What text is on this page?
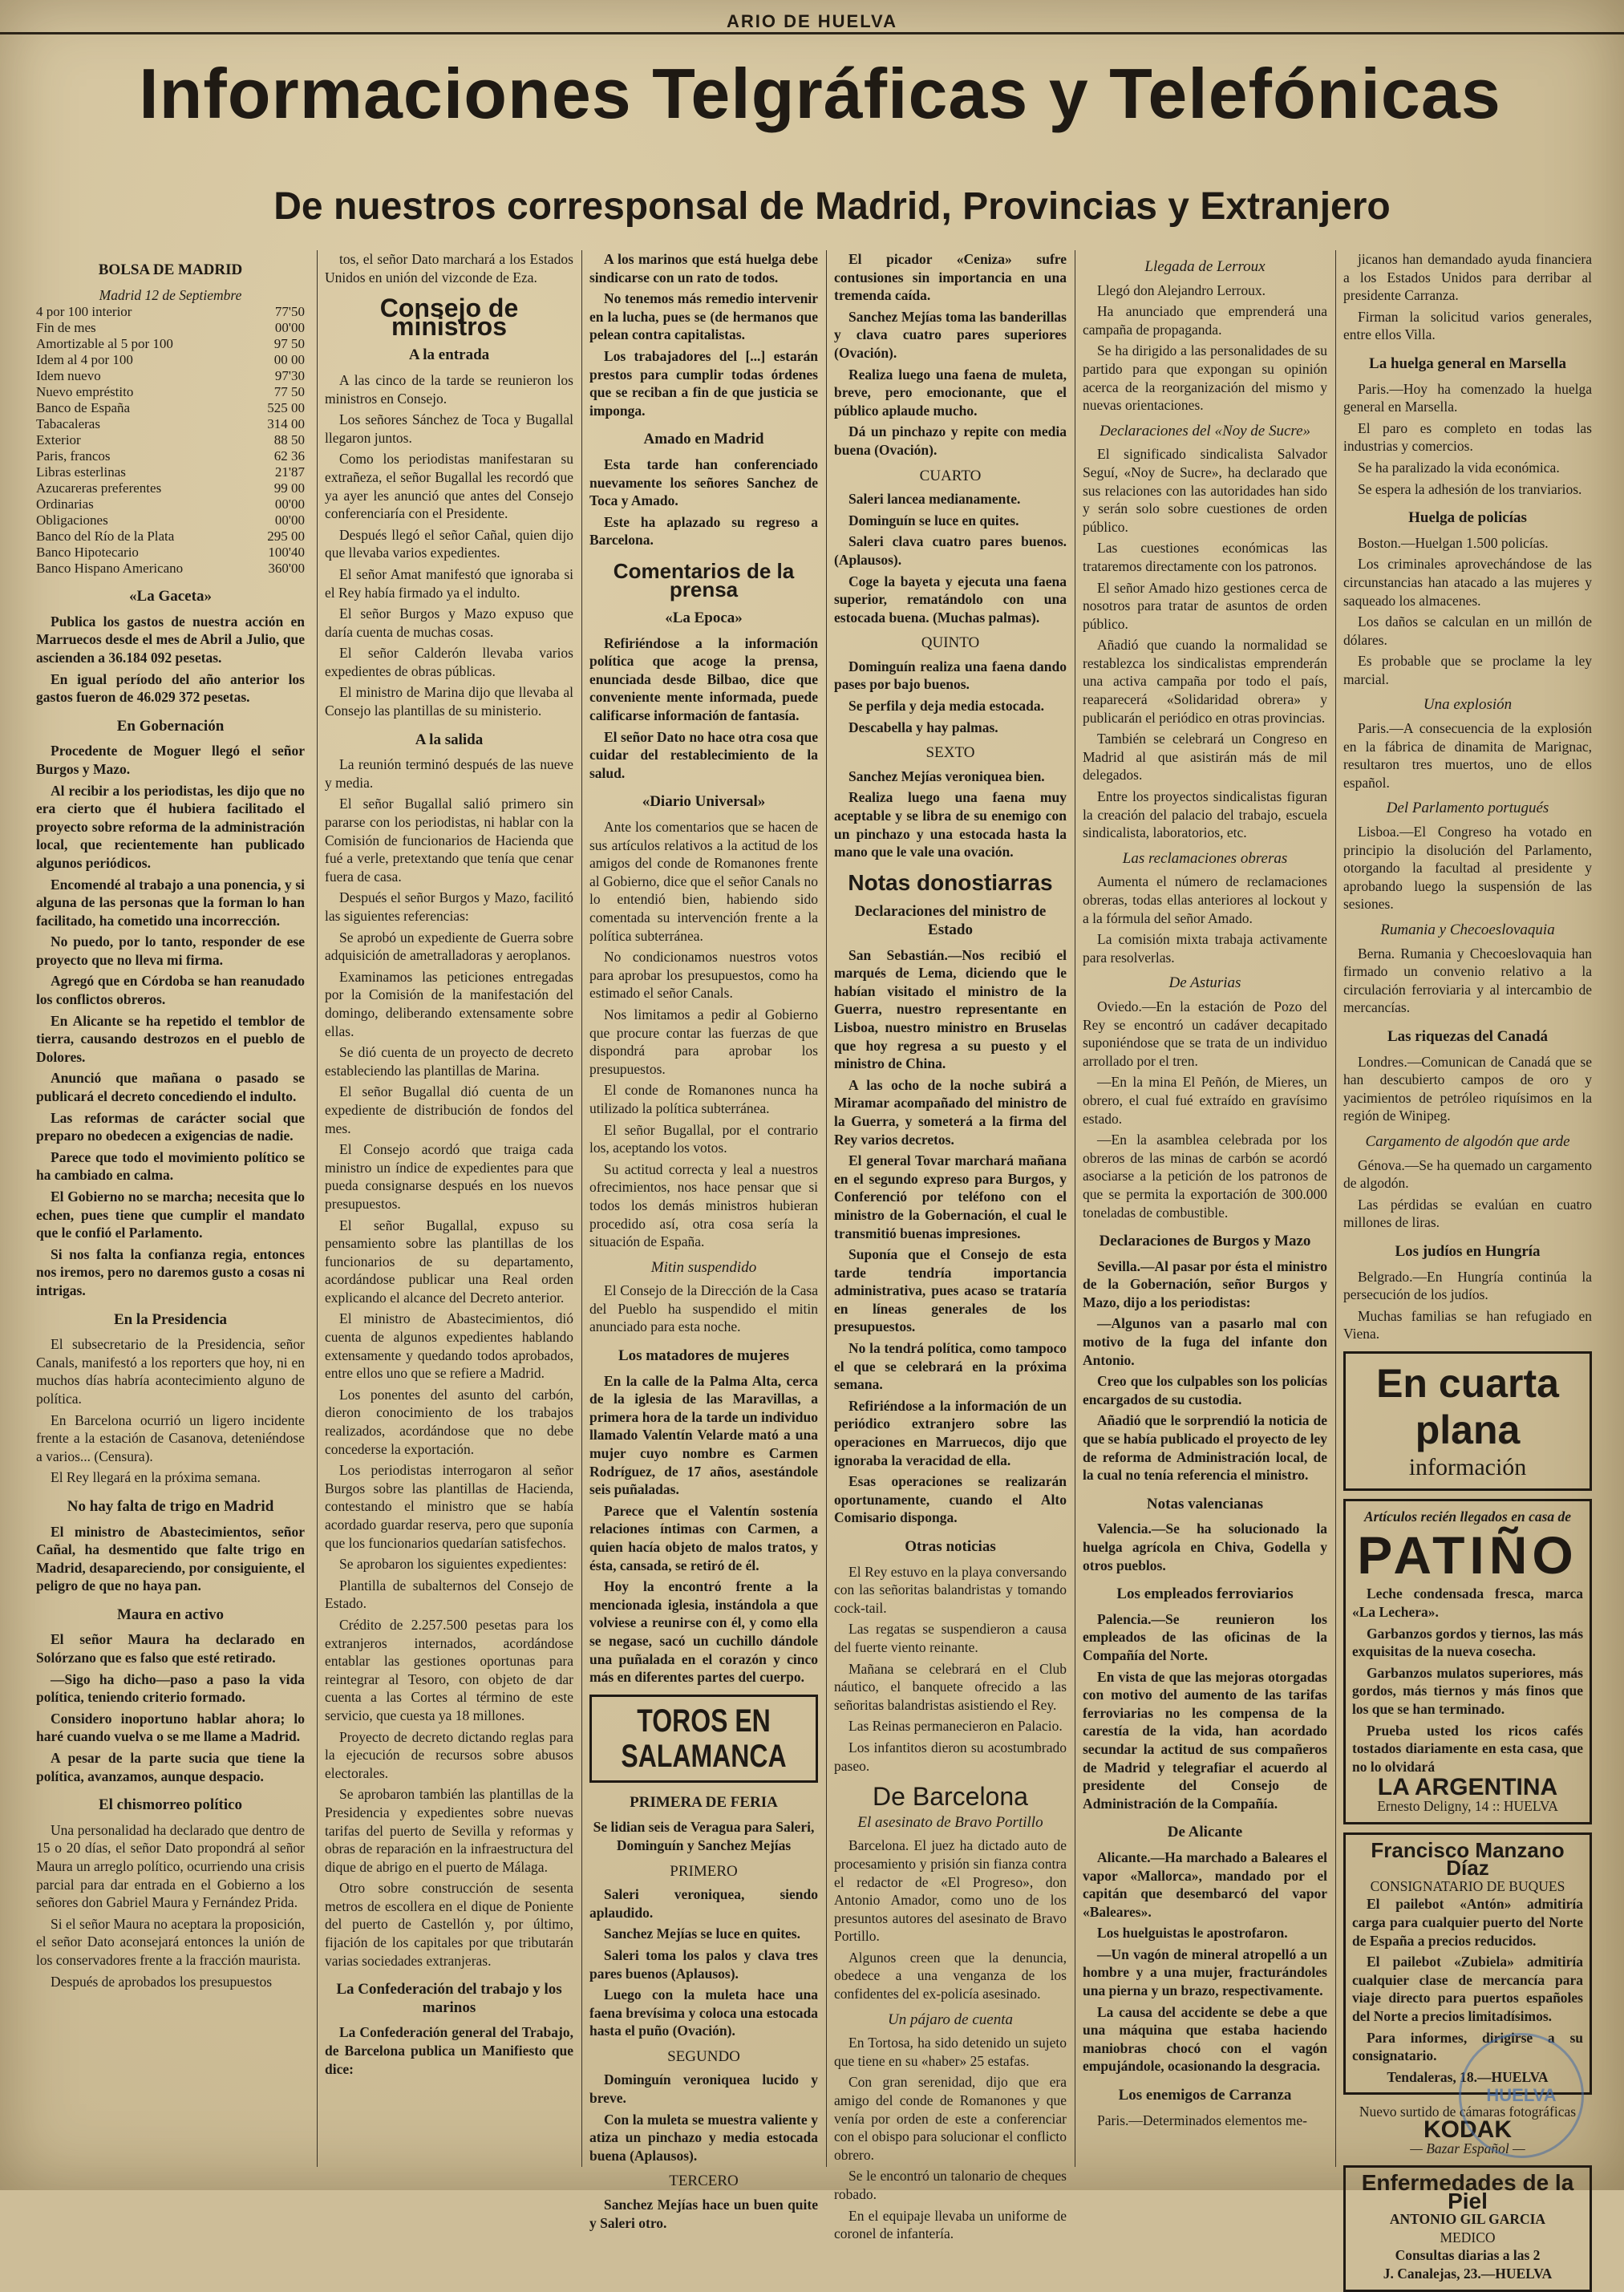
ARIO DE HUELVA
Informaciones Telgráficas y Telefónicas
De nuestros corresponsal de Madrid, Provincias y Extranjero
BOLSA DE MADRID
Madrid 12 de Septiembre
4 por 100 interior	77'50
Fin de mes	00'00
Amortizable al 5 por 100	97 50
Idem al 4 por 100	00 00
Idem nuevo	97'30
Nuevo empréstito	77 50
Banco de España	525 00
Tabacaleras	314 00
Exterior	88 50
Paris, francos	62 36
Libras esterlinas	21'87
Azucareras preferentes	99 00
Ordinarias	00'00
Obligaciones	00'00
Banco del Río de la Plata	295 00
Banco Hipotecario	100'40
Banco Hispano Americano	360'00
«La Gaceta»

Publica los gastos de nuestra acción en Marruecos desde el mes de Abril a Julio, que ascienden a 36.184 092 pesetas.

En igual período del año anterior los gastos fueron de 46.029 372 pesetas.

En Gobernación

Procedente de Moguer llegó el señor Burgos y Mazo.

Al recibir a los periodistas, les dijo que no era cierto que él hubiera facilitado el proyecto sobre reforma de la administración local, que recientemente han publicado algunos periódicos.

Encomendé al trabajo a una ponencia, y si alguna de las personas que la forman lo han facilitado, ha cometido una incorrección.

No puedo, por lo tanto, responder de ese proyecto que no lleva mi firma.

Agregó que en Córdoba se han reanudado los conflictos obreros.

En Alicante se ha repetido el temblor de tierra, causando destrozos en el pueblo de Dolores.

Anunció que mañana o pasado se publicará el decreto concediendo el indulto.

Las reformas de carácter social que preparo no obedecen a exigencias de nadie.

Parece que todo el movimiento político se ha cambiado en calma.

El Gobierno no se marcha; necesita que lo echen, pues tiene que cumplir el mandato que le confió el Parlamento.

Si nos falta la confianza regia, entonces nos iremos, pero no daremos gusto a cosas ni intrigas.

En la Presidencia

El subsecretario de la Presidencia, señor Canals, manifestó a los reporters que hoy, ni en muchos días habría acontecimiento alguno de política.

En Barcelona ocurrió un ligero incidente frente a la estación de Casanova, deteniéndose a varios... (Censura).

El Rey llegará en la próxima semana.

No hay falta de trigo en Madrid

El ministro de Abastecimientos, señor Cañal, ha desmentido que falte trigo en Madrid, desapareciendo, por consiguiente, el peligro de que no haya pan.

Maura en activo

El señor Maura ha declarado en Solórzano que es falso que esté retirado.

—Sigo ha dicho—paso a paso la vida política, teniendo criterio formado.

Considero inoportuno hablar ahora; lo haré cuando vuelva o se me llame a Madrid.

A pesar de la parte sucia que tiene la política, avanzamos, aunque despacio.

El chismorreo político

Una personalidad ha declarado que dentro de 15 o 20 días, el señor Dato propondrá al señor Maura un arreglo político, ocurriendo una crisis parcial para dar entrada en el Gobierno a los señores don Gabriel Maura y Fernández Prida.

Si el señor Maura no aceptara la proposición, el señor Dato aconsejará entonces la unión de los conservadores frente a la fracción maurista.

Después de aprobados los presupuestos

tos, el señor Dato marchará a los Estados Unidos en unión del vizconde de Eza.

Consejo de ministros
A la entrada

A las cinco de la tarde se reunieron los ministros en Consejo.

Los señores Sánchez de Toca y Bugallal llegaron juntos.

Como los periodistas manifestaran su extrañeza, el señor Bugallal les recordó que ya ayer les anunció que antes del Consejo conferenciaría con el Presidente.

Después llegó el señor Cañal, quien dijo que llevaba varios expedientes.

El señor Amat manifestó que ignoraba si el Rey había firmado ya el indulto.

El señor Burgos y Mazo expuso que daría cuenta de muchas cosas.

El señor Calderón llevaba varios expedientes de obras públicas.

El ministro de Marina dijo que llevaba al Consejo las plantillas de su ministerio.

A la salida

La reunión terminó después de las nueve y media.

El señor Bugallal salió primero sin pararse con los periodistas, ni hablar con la Comisión de funcionarios de Hacienda que fué a verle, pretextando que tenía que cenar fuera de casa.

Después el señor Burgos y Mazo, facilitó las siguientes referencias:

Se aprobó un expediente de Guerra sobre adquisición de ametralladoras y aeroplanos.

Examinamos las peticiones entregadas por la Comisión de la manifestación del domingo, deliberando extensamente sobre ellas.

Se dió cuenta de un proyecto de decreto estableciendo las plantillas de Marina.

El señor Bugallal dió cuenta de un expediente de distribución de fondos del mes.

El Consejo acordó que traiga cada ministro un índice de expedientes para que pueda consignarse después en los nuevos presupuestos.

El señor Bugallal, expuso su pensamiento sobre las plantillas de los funcionarios de su departamento, acordándose publicar una Real orden explicando el alcance del Decreto anterior.

El ministro de Abastecimientos, dió cuenta de algunos expedientes hablando extensamente y quedando todos aprobados, entre ellos uno que se refiere a Madrid.

Los ponentes del asunto del carbón, dieron conocimiento de los trabajos realizados, acordándose que no debe concederse la exportación.

Los periodistas interrogaron al señor Burgos sobre las plantillas de Hacienda, contestando el ministro que se había acordado guardar reserva, pero que suponía que los funcionarios quedarían satisfechos.

Se aprobaron los siguientes expedientes:

Plantilla de subalternos del Consejo de Estado.

Crédito de 2.257.500 pesetas para los extranjeros internados, acordándose entablar las gestiones oportunas para reintegrar al Tesoro, con objeto de dar cuenta a las Cortes al término de este servicio, que cuesta ya 18 millones.

Proyecto de decreto dictando reglas para la ejecución de recursos sobre abusos electorales.

Se aprobaron también las plantillas de la Presidencia y expedientes sobre nuevas tarifas del puerto de Sevilla y reformas y obras de reparación en la infraestructura del dique de abrigo en el puerto de Málaga.

Otro sobre construcción de sesenta metros de escollera en el dique de Poniente del puerto de Castellón y, por último, fijación de los capitales por que tributarán varias sociedades extranjeras.

La Confederación del trabajo y los marinos

La Confederación general del Trabajo, de Barcelona publica un Manifiesto que dice:

A los marinos que está huelga debe sindicarse con un rato de todos.

No tenemos más remedio intervenir en la lucha, pues se (de hermanos que pelean contra capitalistas.

Los trabajadores del [...] estarán prestos para cumplir todas órdenes que se reciban a fin de que justicia se imponga.

Amado en Madrid

Esta tarde han conferenciado nuevamente los señores Sanchez de Toca y Amado.

Este ha aplazado su regreso a Barcelona.

Comentarios de la prensa
«La Epoca»

Refiriéndose a la información política que acoge la prensa, enunciada desde Bilbao, dice que conveniente mente informada, puede calificarse información de fantasía.

El señor Dato no hace otra cosa que cuidar del restablecimiento de la salud.

«Diario Universal»

Ante los comentarios que se hacen de sus artículos relativos a la actitud de los amigos del conde de Romanones frente al Gobierno, dice que el señor Canals no lo entendió bien, habiendo sido comentada su intervención frente a la política subterránea.

No condicionamos nuestros votos para aprobar los presupuestos, como ha estimado el señor Canals.

Nos limitamos a pedir al Gobierno que procure contar las fuerzas de que dispondrá para aprobar los presupuestos.

El conde de Romanones nunca ha utilizado la política subterránea.

El señor Bugallal, por el contrario los, aceptando los votos.

Su actitud correcta y leal a nuestros ofrecimientos, nos hace pensar que si todos los demás ministros hubieran procedido así, otra cosa sería la situación de España.

Mitin suspendido

El Consejo de la Dirección de la Casa del Pueblo ha suspendido el mitin anunciado para esta noche.

Los matadores de mujeres

En la calle de la Palma Alta, cerca de la iglesia de las Maravillas, a primera hora de la tarde un individuo llamado Valentín Velarde mató a una mujer cuyo nombre es Carmen Rodríguez, de 17 años, asestándole seis puñaladas.

Parece que el Valentín sostenía relaciones íntimas con Carmen, a quien hacía objeto de malos tratos, y ésta, cansada, se retiró de él.

Hoy la encontró frente a la mencionada iglesia, instándola a que volviese a reunirse con él, y como ella se negase, sacó un cuchillo dándole una puñalada en el corazón y cinco más en diferentes partes del cuerpo.

TOROS EN SALAMANCA
PRIMERA DE FERIA
Se lidian seis de Veragua para Saleri, Dominguín y Sanchez Mejías
PRIMERO

Saleri veroniquea, siendo aplaudido.

Sanchez Mejías se luce en quites.

Saleri toma los palos y clava tres pares buenos (Aplausos).

Luego con la muleta hace una faena brevísima y coloca una estocada hasta el puño (Ovación).

SEGUNDO

Dominguín veroniquea lucido y breve.

Con la muleta se muestra valiente y atiza un pinchazo y media estocada buena (Aplausos).

TERCERO

Sanchez Mejías hace un buen quite y Saleri otro.

El picador «Ceniza» sufre contusiones sin importancia en una tremenda caída.

Sanchez Mejías toma las banderillas y clava cuatro pares superiores (Ovación).

Realiza luego una faena de muleta, breve, pero emocionante, que el público aplaude mucho.

Dá un pinchazo y repite con media buena (Ovación).

CUARTO

Saleri lancea medianamente.

Dominguín se luce en quites.

Saleri clava cuatro pares buenos. (Aplausos).

Coge la bayeta y ejecuta una faena superior, rematándolo con una estocada buena. (Muchas palmas).

QUINTO

Dominguín realiza una faena dando pases por bajo buenos.

Se perfila y deja media estocada.

Descabella y hay palmas.

SEXTO

Sanchez Mejías veroniquea bien.

Realiza luego una faena muy aceptable y se libra de su enemigo con un pinchazo y una estocada hasta la mano que le vale una ovación.

Notas donostiarras
Declaraciones del ministro de Estado

San Sebastián.—Nos recibió el marqués de Lema, diciendo que le habían visitado el ministro de la Guerra, nuestro representante en Lisboa, nuestro ministro en Bruselas que hoy regresa a su puesto y el ministro de China.

A las ocho de la noche subirá a Miramar acompañado del ministro de la Guerra, y someterá a la firma del Rey varios decretos.

El general Tovar marchará mañana en el segundo expreso para Burgos, y Conferenció por teléfono con el ministro de la Gobernación, el cual le transmitió buenas impresiones.

Suponía que el Consejo de esta tarde tendría importancia administrativa, pues acaso se trataría en líneas generales de los presupuestos.

No la tendrá política, como tampoco el que se celebrará en la próxima semana.

Refiriéndose a la información de un periódico extranjero sobre las operaciones en Marruecos, dijo que ignoraba la veracidad de ella.

Esas operaciones se realizarán oportunamente, cuando el Alto Comisario disponga.

Otras noticias

El Rey estuvo en la playa conversando con las señoritas balandristas y tomando cock-tail.

Las regatas se suspendieron a causa del fuerte viento reinante.

Mañana se celebrará en el Club náutico, el banquete ofrecido a las señoritas balandristas asistiendo el Rey.

Las Reinas permanecieron en Palacio.

Los infantitos dieron su acostumbrado paseo.

De Barcelona
El asesinato de Bravo Portillo

Barcelona. El juez ha dictado auto de procesamiento y prisión sin fianza contra el redactor de «El Progreso», don Antonio Amador, como uno de los presuntos autores del asesinato de Bravo Portillo.

Algunos creen que la denuncia, obedece a una venganza de los confidentes del ex-policía asesinado.

Un pájaro de cuenta

En Tortosa, ha sido detenido un sujeto que tiene en su «haber» 25 estafas.

Con gran serenidad, dijo que era amigo del conde de Romanones y que venía por orden de este a conferenciar con el obispo para solucionar el conflicto obrero.

Se le encontró un talonario de cheques robado.

En el equipaje llevaba un uniforme de coronel de infantería.

Llegada de Lerroux

Llegó don Alejandro Lerroux.

Ha anunciado que emprenderá una campaña de propaganda.

Se ha dirigido a las personalidades de su partido para que expongan su opinión acerca de la reorganización del mismo y nuevas orientaciones.

Declaraciones del «Noy de Sucre»

El significado sindicalista Salvador Seguí, «Noy de Sucre», ha declarado que sus relaciones con las autoridades han sido y serán solo sobre cuestiones de orden público.

Las cuestiones económicas las trataremos directamente con los patronos.

El señor Amado hizo gestiones cerca de nosotros para tratar de asuntos de orden público.

Añadió que cuando la normalidad se restablezca los sindicalistas emprenderán una activa campaña por todo el país, reaparecerá «Solidaridad obrera» y publicarán el periódico en otras provincias.

También se celebrará un Congreso en Madrid al que asistirán más de mil delegados.

Entre los proyectos sindicalistas figuran la creación del palacio del trabajo, escuela sindicalista, laboratorios, etc.

Las reclamaciones obreras

Aumenta el número de reclamaciones obreras, todas ellas anteriores al lockout y a la fórmula del señor Amado.

La comisión mixta trabaja activamente para resolverlas.

De Asturias

Oviedo.—En la estación de Pozo del Rey se encontró un cadáver decapitado suponiéndose que se trata de un individuo arrollado por el tren.

—En la mina El Peñón, de Mieres, un obrero, el cual fué extraído en gravísimo estado.

—En la asamblea celebrada por los obreros de las minas de carbón se acordó asociarse a la petición de los patronos de que se permita la exportación de 300.000 toneladas de combustible.

Declaraciones de Burgos y Mazo

Sevilla.—Al pasar por ésta el ministro de la Gobernación, señor Burgos y Mazo, dijo a los periodistas:

—Algunos van a pasarlo mal con motivo de la fuga del infante don Antonio.

Creo que los culpables son los policías encargados de su custodia.

Añadió que le sorprendió la noticia de que se había publicado el proyecto de ley de reforma de Administración local, de la cual no tenía referencia el ministro.

Notas valencianas

Valencia.—Se ha solucionado la huelga agrícola en Chiva, Godella y otros pueblos.

Los empleados ferroviarios

Palencia.—Se reunieron los empleados de las oficinas de la Compañía del Norte.

En vista de que las mejoras otorgadas con motivo del aumento de las tarifas ferroviarias no les compensa de la carestía de la vida, han acordado secundar la actitud de sus compañeros de Madrid y telegrafiar el acuerdo al presidente del Consejo de Administración de la Compañía.

De Alicante

Alicante.—Ha marchado a Baleares el vapor «Mallorca», mandado por el capitán que desembarcó del vapor «Baleares».

Los huelguistas le apostrofaron.

—Un vagón de mineral atropelló a un hombre y a una mujer, fracturándoles una pierna y un brazo, respectivamente.

La causa del accidente se debe a que una máquina que estaba haciendo maniobras chocó con el vagón empujándole, ocasionando la desgracia.

Los enemigos de Carranza

Paris.—Determinados elementos me-

jicanos han demandado ayuda financiera a los Estados Unidos para derribar al presidente Carranza.

Firman la solicitud varios generales, entre ellos Villa.

La huelga general en Marsella

Paris.—Hoy ha comenzado la huelga general en Marsella.

El paro es completo en todas las industrias y comercios.

Se ha paralizado la vida económica.

Se espera la adhesión de los tranviarios.

Huelga de policías

Boston.—Huelgan 1.500 policías.

Los criminales aprovechándose de las circunstancias han atacado a las mujeres y saqueado los almacenes.

Los daños se calculan en un millón de dólares.

Es probable que se proclame la ley marcial.

Una explosión

Paris.—A consecuencia de la explosión en la fábrica de dinamita de Marignac, resultaron tres muertos, uno de ellos español.

Del Parlamento portugués

Lisboa.—El Congreso ha votado en principio la disolución del Parlamento, otorgando la facultad al presidente y aprobando luego la suspensión de las sesiones.

Rumania y Checoeslovaquia

Berna. Rumania y Checoeslovaquia han firmado un convenio relativo a la circulación ferroviaria y al intercambio de mercancías.

Las riquezas del Canadá

Londres.—Comunican de Canadá que se han descubierto campos de oro y yacimientos de petróleo riquísimos en la región de Winipeg.

Cargamento de algodón que arde

Génova.—Se ha quemado un cargamento de algodón.

Las pérdidas se evalúan en cuatro millones de liras.

Los judíos en Hungría

Belgrado.—En Hungría continúa la persecución de los judíos.

Muchas familias se han refugiado en Viena.

En cuarta plana
información
Artículos recién llegados en casa de
PATIÑO

Leche condensada fresca, marca «La Lechera».

Garbanzos gordos y tiernos, las más exquisitas de la nueva cosecha.

Garbanzos mulatos superiores, más gordos, más tiernos y más finos que los que se han terminado.

Prueba usted los ricos cafés tostados diariamente en esta casa, que no lo olvidará

LA ARGENTINA
Ernesto Deligny, 14 :: HUELVA
Francisco Manzano Díaz
CONSIGNATARIO DE BUQUES

El pailebot «Antón» admitiría carga para cualquier puerto del Norte de España a precios reducidos.

El pailebot «Zubiela» admitiría cualquier clase de mercancía para viaje directo para puertos españoles del Norte a precios limitadísimos.

Para informes, dirigirse a su consignatario.

Tendaleras, 18.—HUELVA
Nuevo surtido de cámaras fotográficas
KODAK
— Bazar Español —
Enfermedades de la Piel
ANTONIO GIL GARCIA
MEDICO
Consultas diarias a las 2
J. Canalejas, 23.—HUELVA
HUELVA
